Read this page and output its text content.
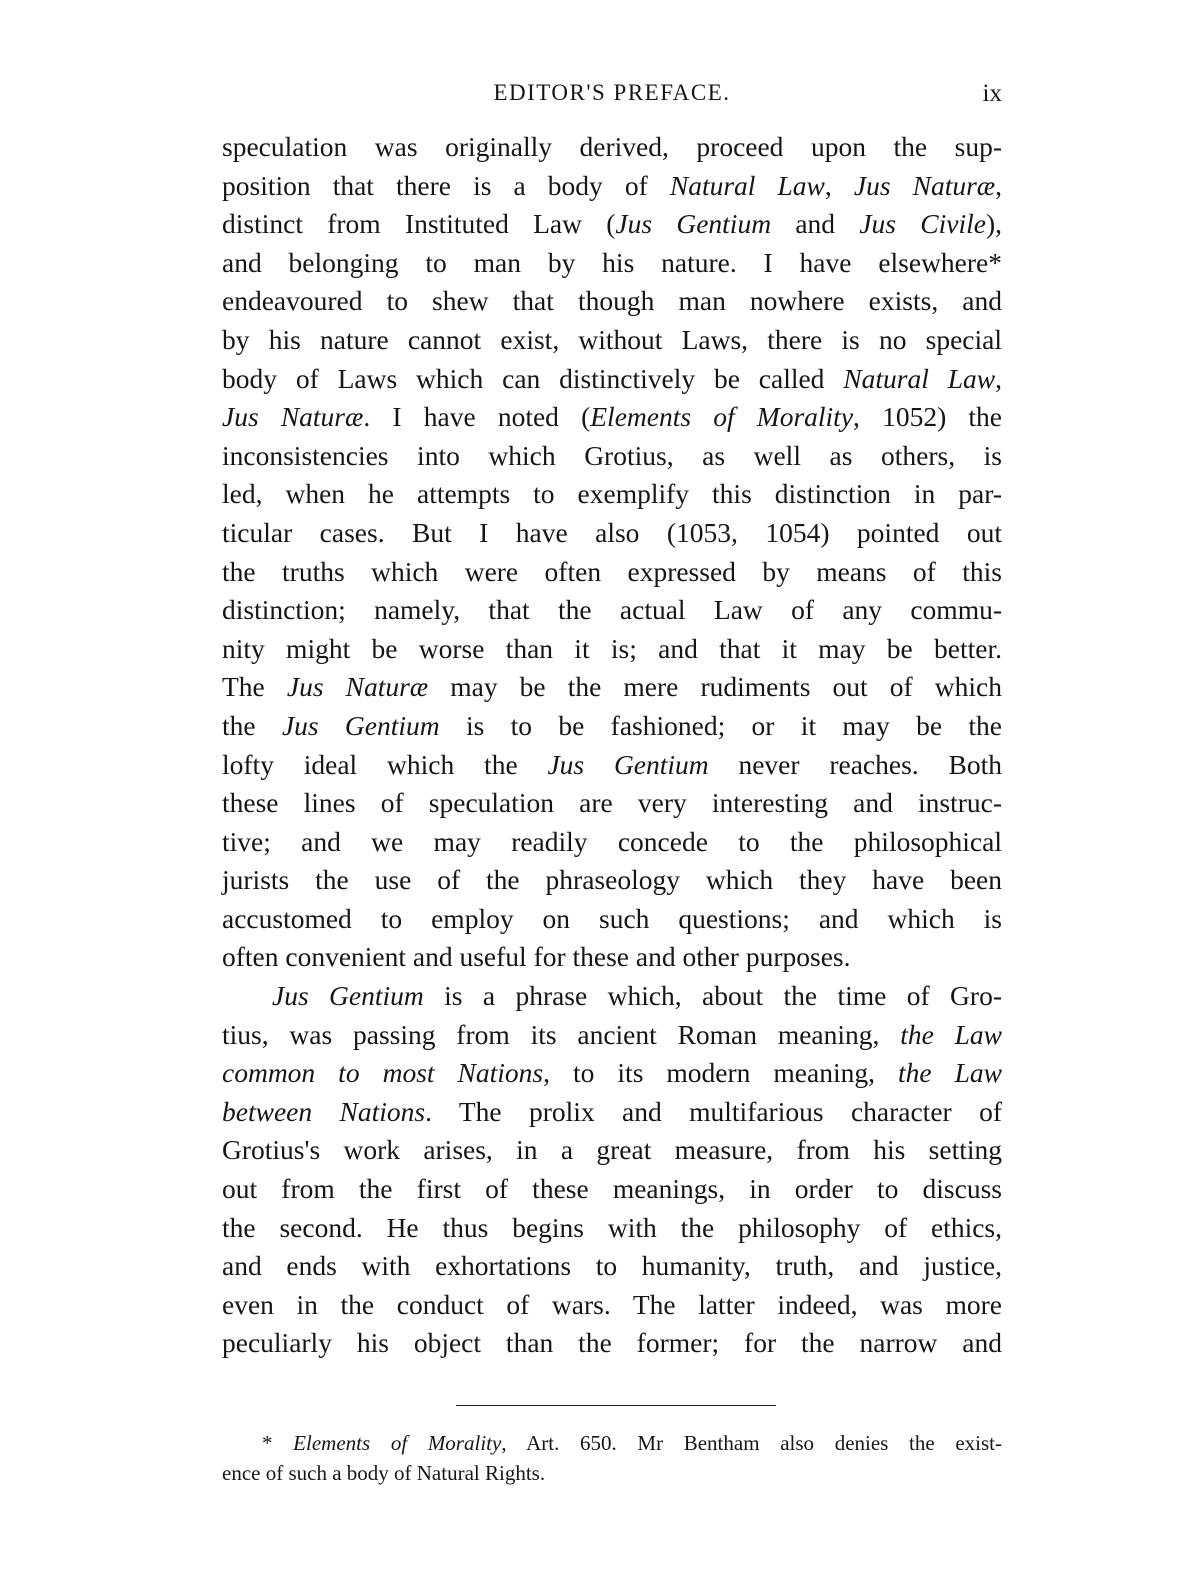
EDITOR'S PREFACE.	ix
speculation was originally derived, proceed upon the sup-
position that there is a body of Natural Law, Jus Naturæ,
distinct from Instituted Law (Jus Gentium and Jus Civile),
and belonging to man by his nature. I have elsewhere*
endeavoured to shew that though man nowhere exists, and
by his nature cannot exist, without Laws, there is no special
body of Laws which can distinctively be called Natural Law,
Jus Naturæ. I have noted (Elements of Morality, 1052) the
inconsistencies into which Grotius, as well as others, is
led, when he attempts to exemplify this distinction in par-
ticular cases. But I have also (1053, 1054) pointed out
the truths which were often expressed by means of this
distinction; namely, that the actual Law of any commu-
nity might be worse than it is; and that it may be better.
The Jus Naturæ may be the mere rudiments out of which
the Jus Gentium is to be fashioned; or it may be the
lofty ideal which the Jus Gentium never reaches. Both
these lines of speculation are very interesting and instruc-
tive; and we may readily concede to the philosophical
jurists the use of the phraseology which they have been
accustomed to employ on such questions; and which is
often convenient and useful for these and other purposes.
Jus Gentium is a phrase which, about the time of Gro-
tius, was passing from its ancient Roman meaning, the Law
common to most Nations, to its modern meaning, the Law
between Nations. The prolix and multifarious character of
Grotius's work arises, in a great measure, from his setting
out from the first of these meanings, in order to discuss
the second. He thus begins with the philosophy of ethics,
and ends with exhortations to humanity, truth, and justice,
even in the conduct of wars. The latter indeed, was more
peculiarly his object than the former; for the narrow and
* Elements of Morality, Art. 650. Mr Bentham also denies the exist-
ence of such a body of Natural Rights.
